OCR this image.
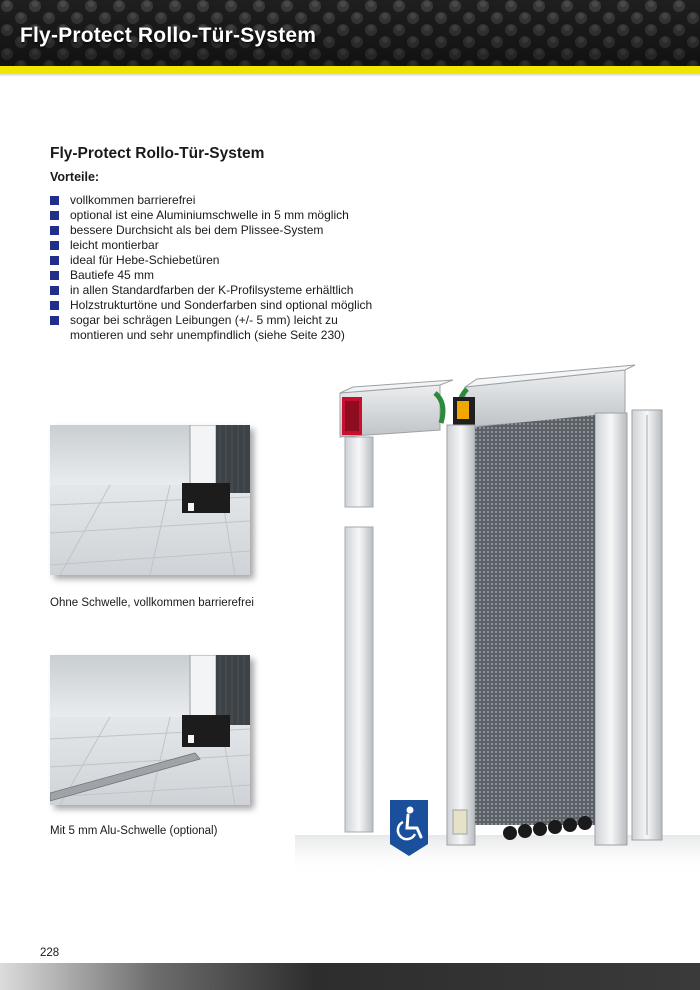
Fly-Protect Rollo-Tür-System
Fly-Protect Rollo-Tür-System
Vorteile:
vollkommen barrierefrei
optional ist eine Aluminiumschwelle in 5 mm möglich
bessere Durchsicht als bei dem Plissee-System
leicht montierbar
ideal für Hebe-Schiebetüren
Bautiefe 45 mm
in allen Standardfarben der K-Profilsysteme erhältlich
Holzstrukturtöne und Sonderfarben sind optional möglich
sogar bei schrägen Leibungen (+/- 5 mm) leicht zu
montieren und sehr unempfindlich (siehe Seite 230)
Ohne Schwelle, vollkommen barrierefrei
Mit 5 mm Alu-Schwelle (optional)
228
